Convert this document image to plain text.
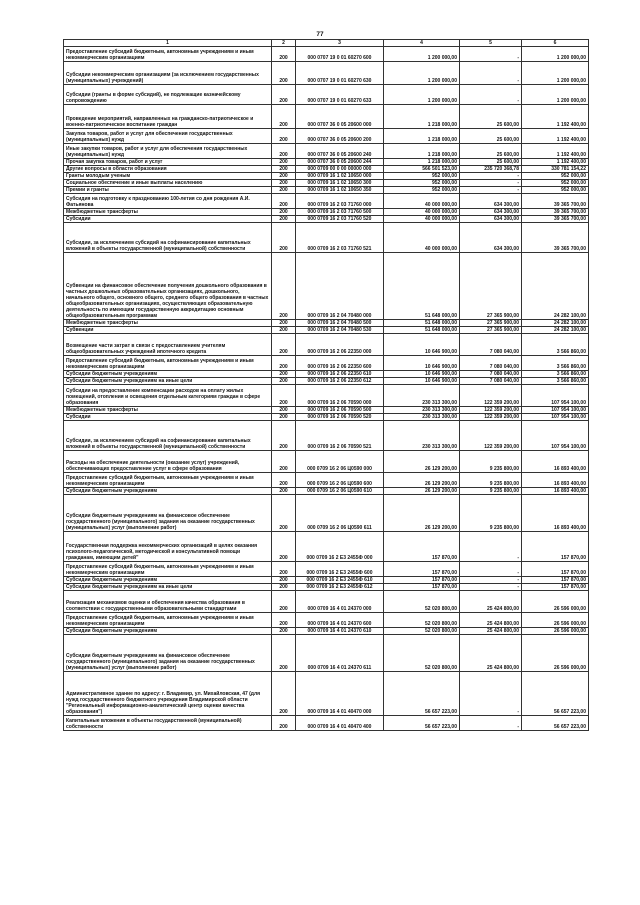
77
1	2	3	4	5	6
Предоставление субсидий бюджетным, автономным учреждениям и иным некоммерческим организациям	200	000 0707 19 0 01 60270 600	1 200 000,00	-	1 200 000,00
Субсидии некоммерческим организациям (за исключением государственных (муниципальных) учреждений)	200	000 0707 19 0 01 60270 630	1 200 000,00	-	1 200 000,00
Субсидии (гранты в форме субсидий), не подлежащие казначейскому сопровождению	200	000 0707 19 0 01 60270 633	1 200 000,00	-	1 200 000,00
Проведение мероприятий, направленных на гражданско-патриотическое и военно-патриотическое воспитание граждан	200	000 0707 36 0 05 20600 000	1 218 000,00	25 600,00	1 192 400,00
Закупка товаров, работ и услуг для обеспечения государственных (муниципальных) нужд	200	000 0707 36 0 05 20600 200	1 218 000,00	25 600,00	1 192 400,00
Иные закупки товаров, работ и услуг для обеспечения государственных (муниципальных) нужд	200	000 0707 36 0 05 20600 240	1 218 000,00	25 600,00	1 192 400,00
Прочая закупка товаров, работ и услуг	200	000 0707 36 0 05 20600 244	1 218 000,00	25 600,00	1 192 400,00
Другие вопросы в области образования	200	000 0709 00 0 00 00000 000	566 501 523,00	235 720 368,78	330 781 154,22
Гранты молодым ученым	200	000 0709 16 1 02 10650 000	952 000,00	-	952 000,00
Социальное обеспечение и иные выплаты населению	200	000 0709 16 1 02 10650 300	952 000,00	-	952 000,00
Премии и гранты	200	000 0709 16 1 02 10650 350	952 000,00	-	952 000,00
Субсидия на подготовку к празднованию 100-летия со дня рождения А.И. Фатьянова	200	000 0709 16 2 03 71760 000	40 000 000,00	634 300,00	39 365 700,00
Межбюджетные трансферты	200	000 0709 16 2 03 71760 500	40 000 000,00	634 300,00	39 365 700,00
Субсидии	200	000 0709 16 2 03 71760 520	40 000 000,00	634 300,00	39 365 700,00
Субсидии, за исключением субсидий на софинансирование капитальных вложений в объекты государственной (муниципальной) собственности	200	000 0709 16 2 03 71760 521	40 000 000,00	634 300,00	39 365 700,00
Субвенции на финансовое обеспечение получения дошкольного образования в частных дошкольных образовательных организациях, дошкольного, начального общего, основного общего, среднего общего образования в частных общеобразовательных организациях, осуществляющих образовательную деятельность по имеющим государственную аккредитацию основным общеобразовательным программам	200	000 0709 16 2 04 70480 000	51 648 000,00	27 365 900,00	24 282 100,00
Межбюджетные трансферты	200	000 0709 16 2 04 70480 500	51 648 000,00	27 365 900,00	24 282 100,00
Субвенции	200	000 0709 16 2 04 70480 530	51 648 000,00	27 365 900,00	24 282 100,00
Возмещение части затрат в связи с предоставлением учителям общеобразовательных учреждений ипотечного кредита	200	000 0709 16 2 06 22350 000	10 646 900,00	7 080 040,00	3 566 860,00
Предоставление субсидий бюджетным, автономным учреждениям и иным некоммерческим организациям	200	000 0709 16 2 06 22350 600	10 646 900,00	7 080 040,00	3 566 860,00
Субсидии бюджетным учреждениям	200	000 0709 16 2 06 22350 610	10 646 900,00	7 080 040,00	3 566 860,00
Субсидии бюджетным учреждениям на иные цели	200	000 0709 16 2 06 22350 612	10 646 900,00	7 080 040,00	3 566 860,00
Субсидии на предоставление компенсации расходов на оплату жилых помещений, отопления и освещения отдельным категориям граждан в сфере образования	200	000 0709 16 2 06 70590 000	230 313 300,00	122 359 200,00	107 954 100,00
Межбюджетные трансферты	200	000 0709 16 2 06 70590 500	230 313 300,00	122 359 200,00	107 954 100,00
Субсидии	200	000 0709 16 2 06 70590 520	230 313 300,00	122 359 200,00	107 954 100,00
Субсидии, за исключением субсидий на софинансирование капитальных вложений в объекты государственной (муниципальной) собственности	200	000 0709 16 2 06 70590 521	230 313 300,00	122 359 200,00	107 954 100,00
Расходы на обеспечение деятельности (оказание услуг) учреждений, обеспечивающих предоставление услуг в сфере образования	200	000 0709 16 2 06 Ц0590 000	26 129 200,00	9 235 800,00	16 893 400,00
Предоставление субсидий бюджетным, автономным учреждениям и иным некоммерческим организациям	200	000 0709 16 2 06 Ц0590 600	26 129 200,00	9 235 800,00	16 893 400,00
Субсидии бюджетным учреждениям	200	000 0709 16 2 06 Ц0590 610	26 129 200,00	9 235 800,00	16 893 400,00
Субсидии бюджетным учреждениям на финансовое обеспечение государственного (муниципального) задания на оказание государственных (муниципальных) услуг (выполнение работ)	200	000 0709 16 2 06 Ц0590 611	26 129 200,00	9 235 800,00	16 893 400,00
Государственная поддержка некоммерческих организаций в целях оказания психолого-педагогической, методической и консультативной помощи гражданам, имеющим детей"	200	000 0709 16 2 E3 2455Ф 000	157 870,00	-	157 870,00
Предоставление субсидий бюджетным, автономным учреждениям и иным некоммерческим организациям	200	000 0709 16 2 E3 2455Ф 600	157 870,00	-	157 870,00
Субсидии бюджетным учреждениям	200	000 0709 16 2 E3 2455Ф 610	157 870,00	-	157 870,00
Субсидии бюджетным учреждениям на иные цели	200	000 0709 16 2 E3 2455Ф 612	157 870,00	-	157 870,00
Реализация механизмов оценки и обеспечения качества образования в соответствии с государственными образовательными стандартами	200	000 0709 16 4 01 24370 000	52 020 800,00	25 424 800,00	26 596 000,00
Предоставление субсидий бюджетным, автономным учреждениям и иным некоммерческим организациям	200	000 0709 16 4 01 24370 600	52 020 800,00	25 424 800,00	26 596 000,00
Субсидии бюджетным учреждениям	200	000 0709 16 4 01 24370 610	52 020 800,00	25 424 800,00	26 596 000,00
Субсидии бюджетным учреждениям на финансовое обеспечение государственного (муниципального) задания на оказание государственных (муниципальных) услуг (выполнение работ)	200	000 0709 16 4 01 24370 611	52 020 800,00	25 424 800,00	26 596 000,00
Административное здание по адресу: г. Владимир, ул. Михайловская, 47 (для нужд государственного бюджетного учреждения Владимирской области "Региональный информационно-аналитический центр оценки качества образования")	200	000 0709 16 4 01 40470 000	56 657 223,00	-	56 657 223,00
Капитальные вложения в объекты государственной (муниципальной) собственности	200	000 0709 16 4 01 40470 400	56 657 223,00	-	56 657 223,00
